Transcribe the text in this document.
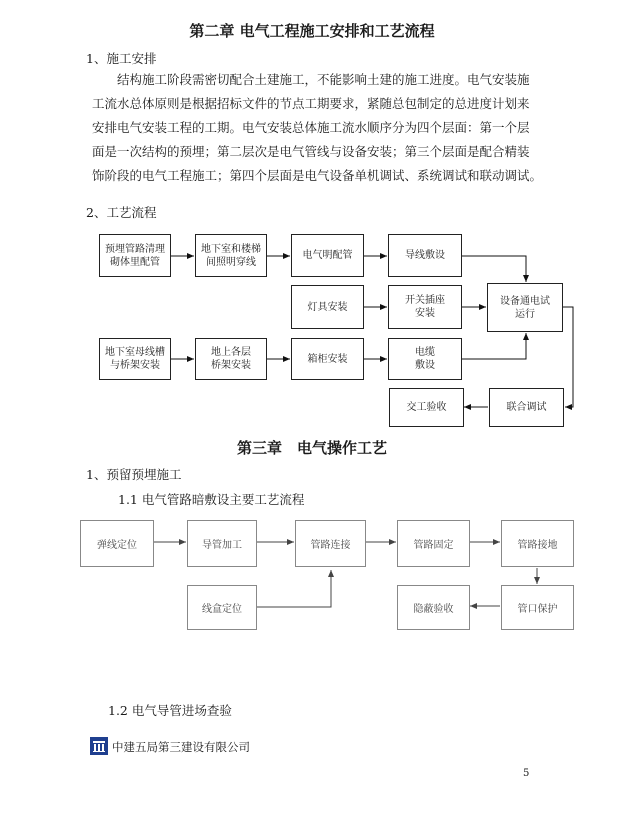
第二章 电气工程施工安排和工艺流程
1、施工安排
结构施工阶段需密切配合土建施工，不能影响土建的施工进度。电气安装施
工流水总体原则是根据招标文件的节点工期要求，紧随总包制定的总进度计划来
安排电气安装工程的工期。电气安装总体施工流水顺序分为四个层面：第一个层
面是一次结构的预埋；第二层次是电气管线与设备安装；第三个层面是配合精装
饰阶段的电气工程施工；第四个层面是电气设备单机调试、系统调试和联动调试。
2、工艺流程
预埋管路清理砌体里配管
地下室和楼梯间照明穿线
电气明配管	导线敷设
灯具安装
开关插座安装
设备通电试运行
地下室母线槽与桥架安装
地上各层桥架安装
箱柜安装
电缆敷设
联合调试
交工验收
第三章　电气操作工艺
1、预留预埋施工
1.1 电气管路暗敷设主要工艺流程
弹线定位	导管加工	管路连接	管路固定	管路接地
线盒定位	隐蔽验收	管口保护
1.2 电气导管进场查验
中建五局第三建设有限公司
5
